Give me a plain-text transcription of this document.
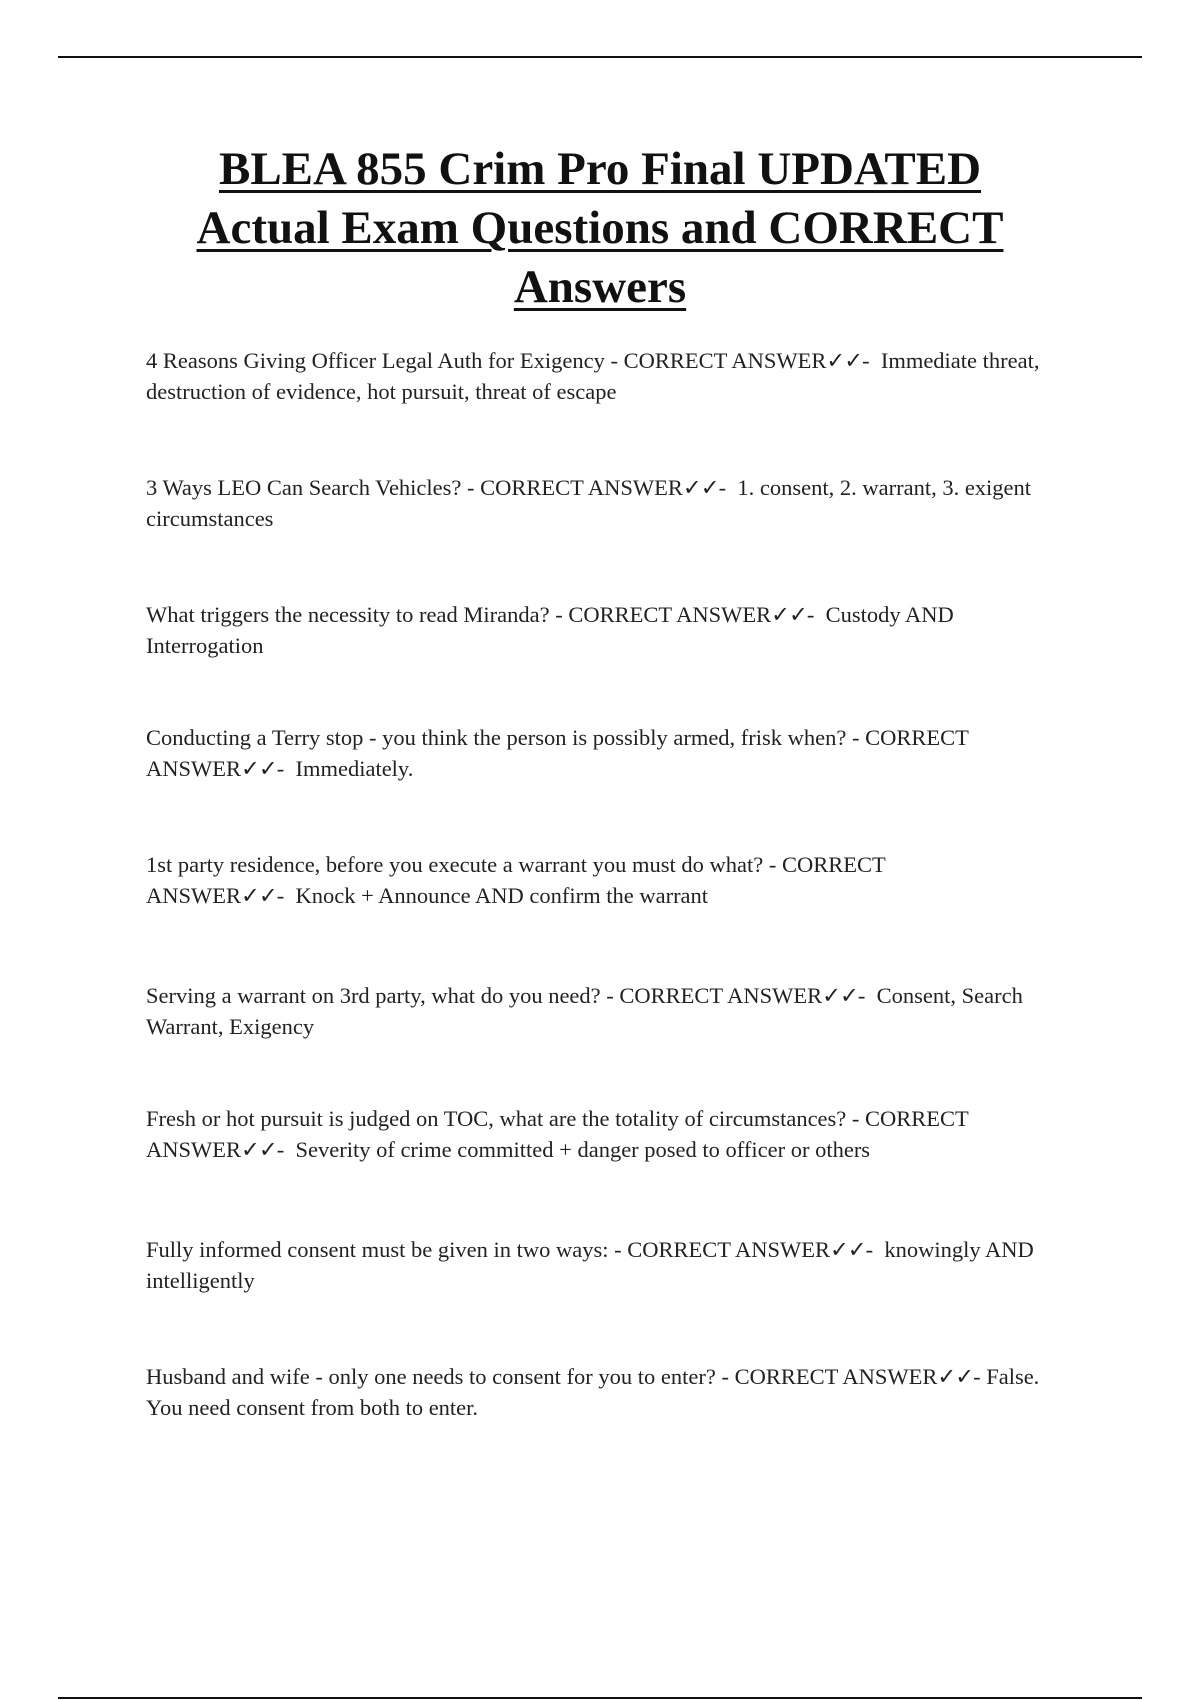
BLEA 855 Crim Pro Final UPDATED
Actual Exam Questions and CORRECT
Answers
4 Reasons Giving Officer Legal Auth for Exigency - CORRECT ANSWER✓✓-  Immediate threat, destruction of evidence, hot pursuit, threat of escape
3 Ways LEO Can Search Vehicles? - CORRECT ANSWER✓✓-  1. consent, 2. warrant, 3. exigent circumstances
What triggers the necessity to read Miranda? - CORRECT ANSWER✓✓-  Custody AND Interrogation
Conducting a Terry stop - you think the person is possibly armed, frisk when? - CORRECT ANSWER✓✓-  Immediately.
1st party residence, before you execute a warrant you must do what? - CORRECT ANSWER✓✓-  Knock + Announce AND confirm the warrant
Serving a warrant on 3rd party, what do you need? - CORRECT ANSWER✓✓-  Consent, Search Warrant, Exigency
Fresh or hot pursuit is judged on TOC, what are the totality of circumstances? - CORRECT ANSWER✓✓-  Severity of crime committed + danger posed to officer or others
Fully informed consent must be given in two ways: - CORRECT ANSWER✓✓-  knowingly AND intelligently
Husband and wife - only one needs to consent for you to enter? - CORRECT ANSWER✓✓- False. You need consent from both to enter.
